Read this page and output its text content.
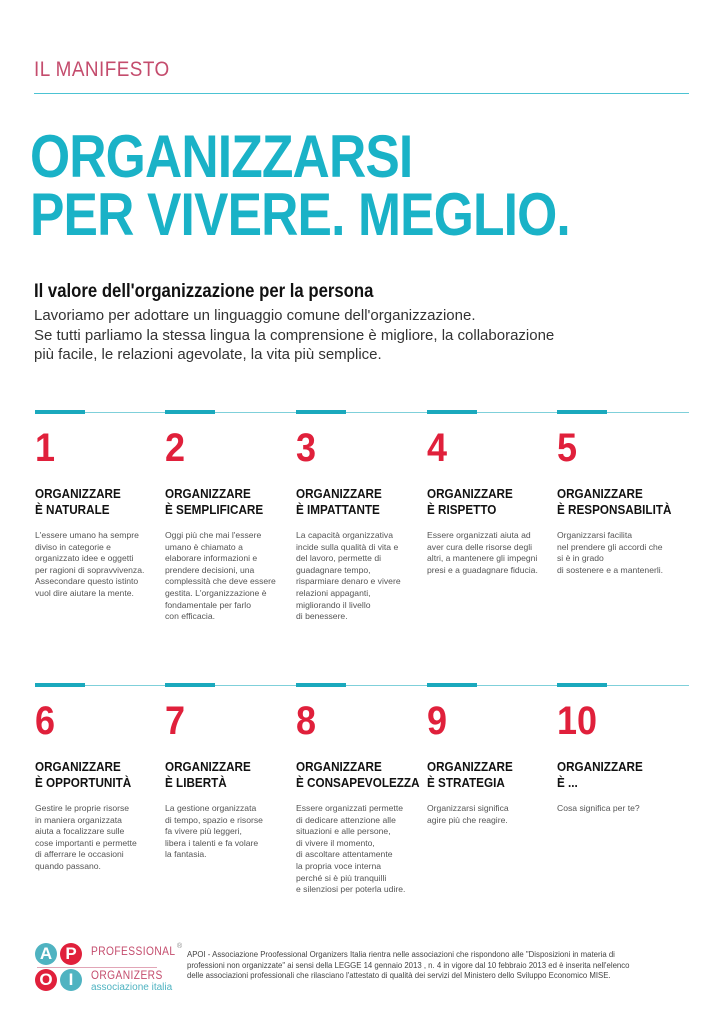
IL MANIFESTO
ORGANIZZARSI
PER VIVERE. MEGLIO.
Il valore dell'organizzazione per la persona

Lavoriamo per adottare un linguaggio comune dell'organizzazione.

Se tutti parliamo la stessa lingua la comprensione è migliore, la collaborazione

più facile, le relazioni agevolate, la vita più semplice.

1
ORGANIZZARE
È NATURALE
L'essere umano ha sempre
diviso in categorie e
organizzato idee e oggetti
per ragioni di sopravvivenza.
Assecondare questo istinto
vuol dire aiutare la mente.
2
ORGANIZZARE
È SEMPLIFICARE
Oggi più che mai l'essere
umano è chiamato a
elaborare informazioni e
prendere decisioni, una
complessità che deve essere
gestita. L'organizzazione è
fondamentale per farlo
con efficacia.
3
ORGANIZZARE
È IMPATTANTE
La capacità organizzativa
incide sulla qualità di vita e
del lavoro, permette di
guadagnare tempo,
risparmiare denaro e vivere
relazioni appaganti,
migliorando il livello
di benessere.
4
ORGANIZZARE
È RISPETTO
Essere organizzati aiuta ad
aver cura delle risorse degli
altri, a mantenere gli impegni
presi e a guadagnare fiducia.
5
ORGANIZZARE
È RESPONSABILITÀ
Organizzarsi facilita
nel prendere gli accordi che
si è in grado
di sostenere e a mantenerli.
6
ORGANIZZARE
È OPPORTUNITÀ
Gestire le proprie risorse
in maniera organizzata
aiuta a focalizzare sulle
cose importanti e permette
di afferrare le occasioni
quando passano.
7
ORGANIZZARE
È LIBERTÀ
La gestione organizzata
di tempo, spazio e risorse
fa vivere più leggeri,
libera i talenti e fa volare
la fantasia.
8
ORGANIZZARE
È CONSAPEVOLEZZA
Essere organizzati permette
di dedicare attenzione alle
situazioni e alle persone,
di vivere il momento,
di ascoltare attentamente
la propria voce interna
perché si è più tranquilli
e silenziosi per poterla udire.
9
ORGANIZZARE
È STRATEGIA
Organizzarsi significa
agire più che reagire.
10
ORGANIZZARE
È ...
Cosa significa per te?
A P
O I
PROFESSIONAL
ORGANIZERS
associazione italia
®
APOI - Associazione Proofessional Organizers Italia rientra nelle associazioni che rispondono alle "Disposizioni in materia di
professioni non organizzate" ai sensi della LEGGE 14 gennaio 2013 , n. 4 in vigore dal 10 febbraio 2013 ed è inserita nell'elenco
delle associazioni professionali che rilasciano l'attestato di qualità dei servizi del Ministero dello Sviluppo Economico MISE.
